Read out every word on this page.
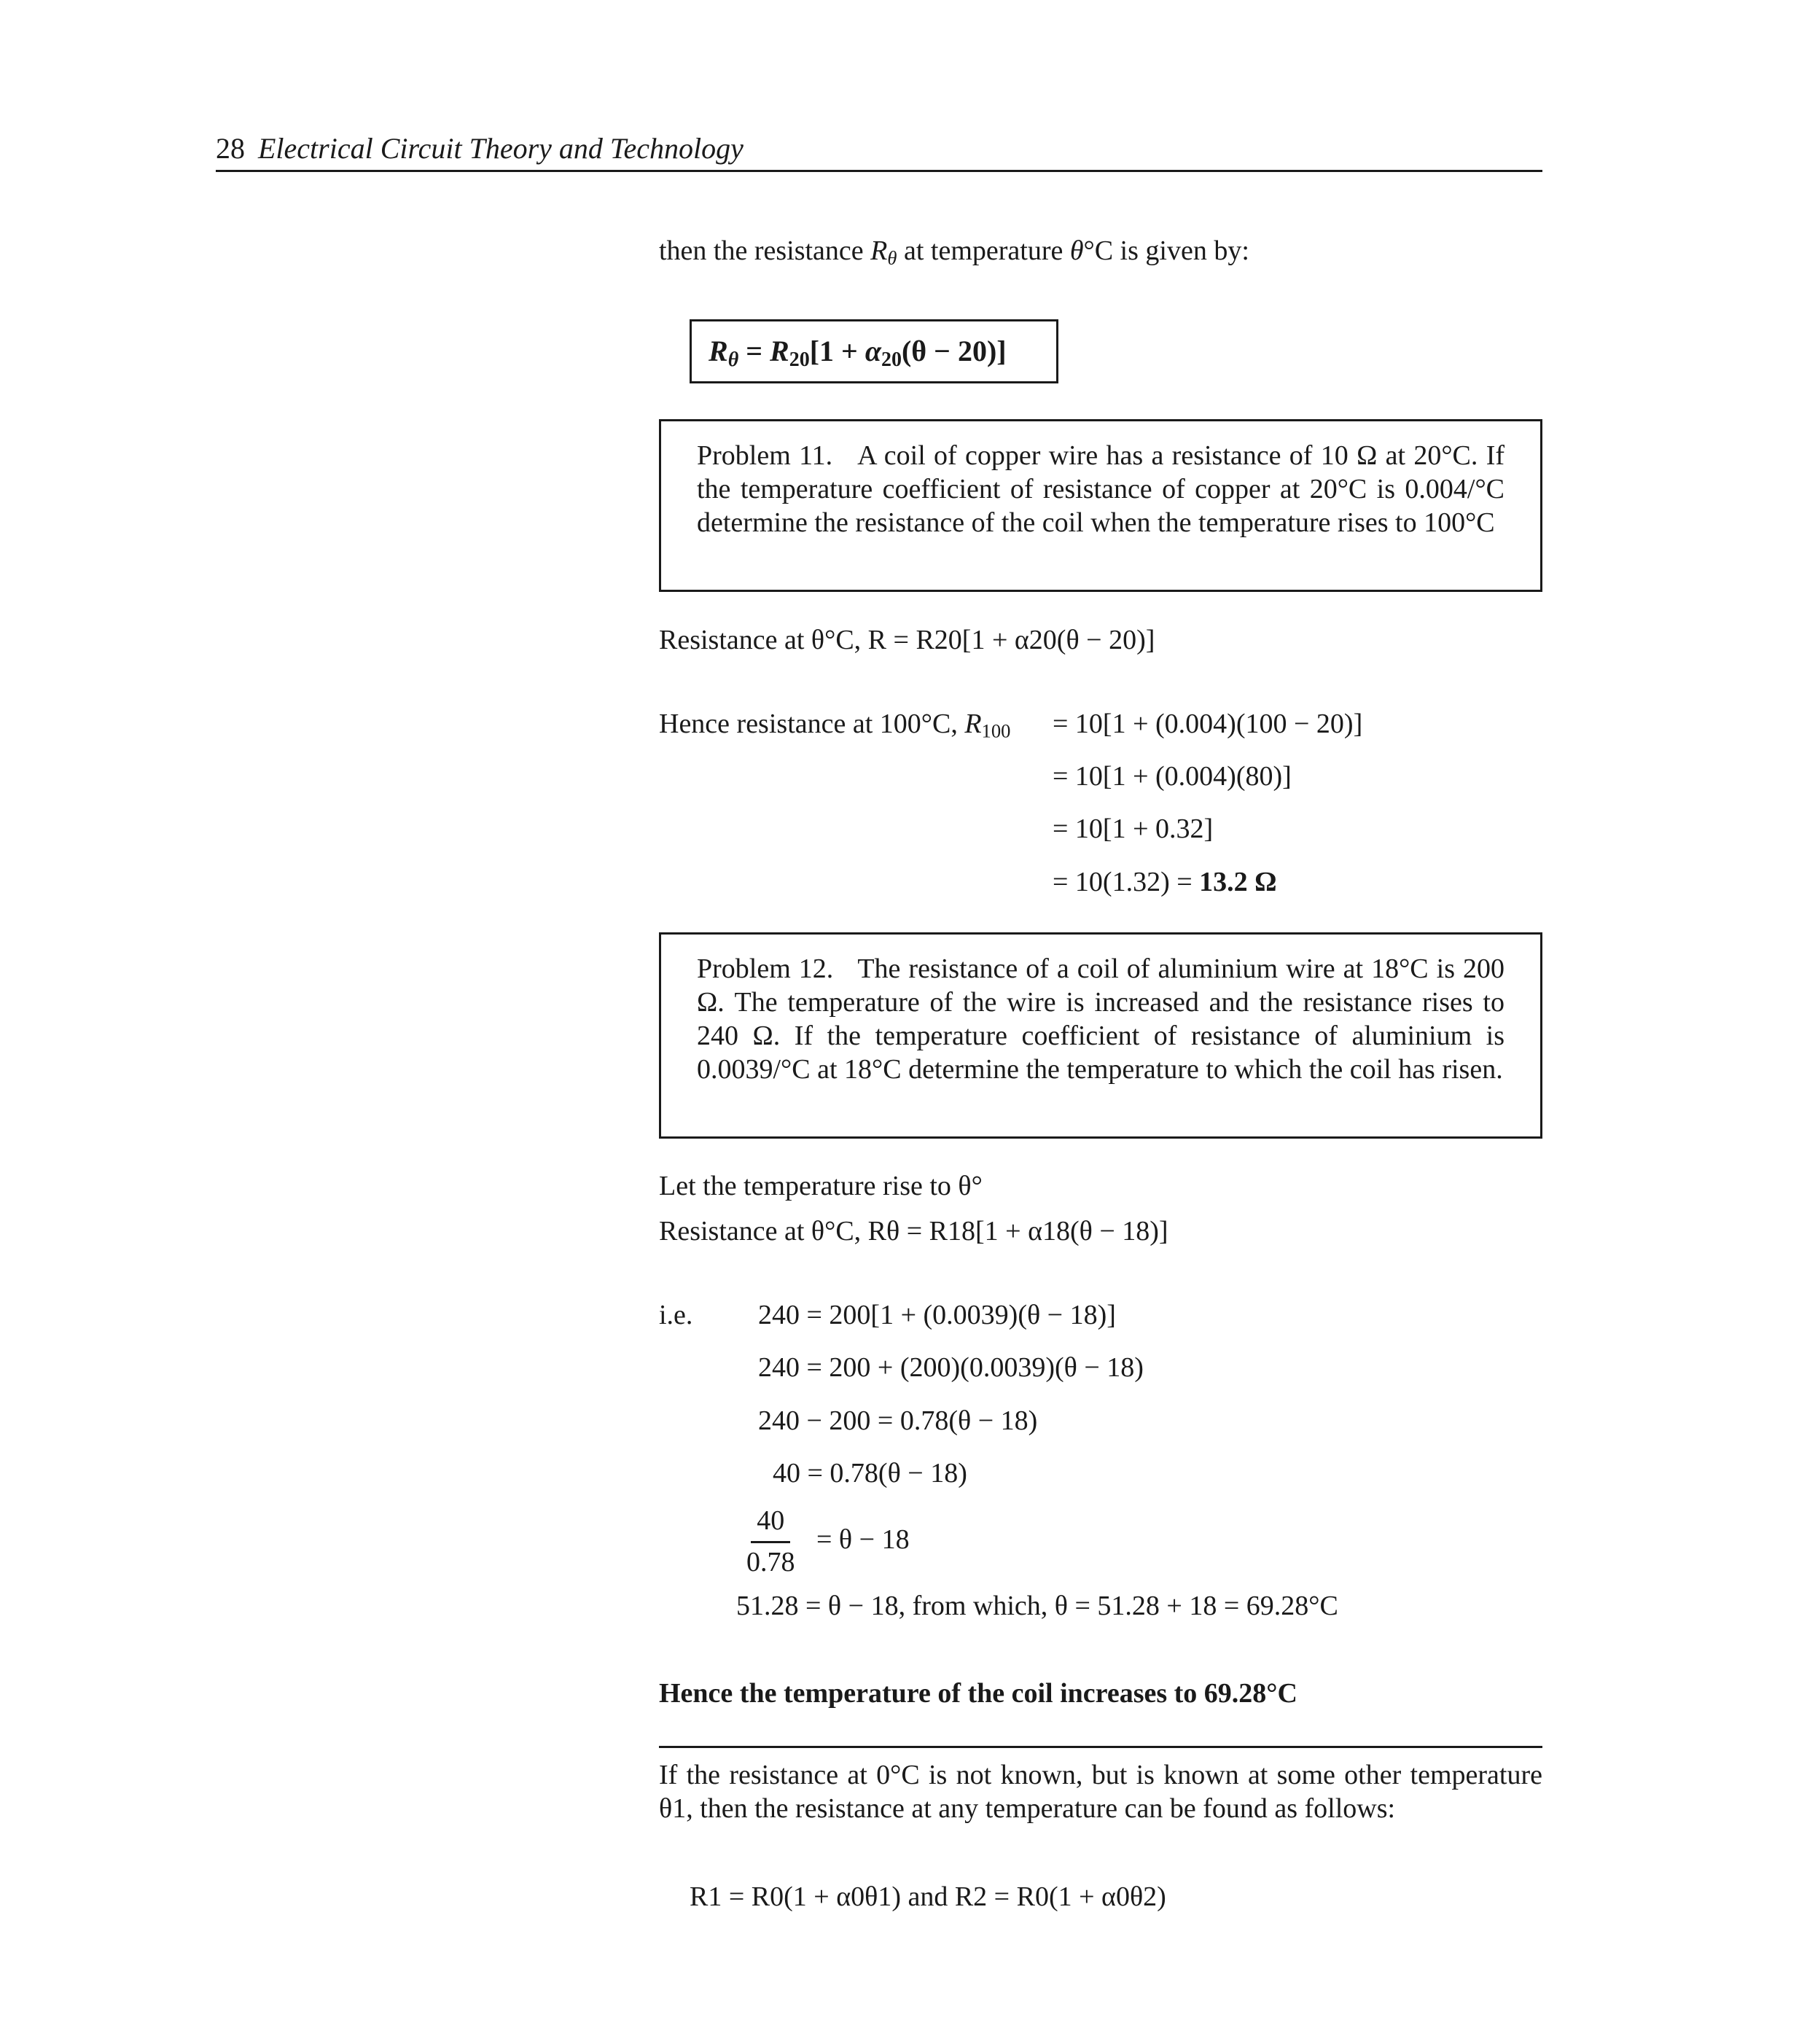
28 Electrical Circuit Theory and Technology
then the resistance $R_\theta$ at temperature θ°C is given by:
$R_\theta = R_{20}[1 + \alpha_{20}(\theta - 20)]$
Problem 11. A coil of copper wire has a resistance of 10 Ω at 20°C. If the temperature coefficient of resistance of copper at 20°C is 0.004/°C determine the resistance of the coil when the temperature rises to 100°C
Resistance at θ°C, R = R20[1 + α20(θ − 20)]
Hence resistance at 100°C, $R_{100} = 10[1 + (0.004)(100 - 20)]$
= 10[1 + (0.004)(80)]
= 10[1 + 0.32]
= 10(1.32) = 13.2 Ω
Problem 12. The resistance of a coil of aluminium wire at 18°C is 200 Ω. The temperature of the wire is increased and the resistance rises to 240 Ω. If the temperature coefficient of resistance of aluminium is 0.0039/°C at 18°C determine the temperature to which the coil has risen.
Let the temperature rise to θ°
Resistance at θ°C, Rθ = R18[1 + α18(θ − 18)]
i.e. 240 = 200[1 + (0.0039)(θ − 18)]
240 = 200 + (200)(0.0039)(θ − 18)
240 − 200 = 0.78(θ − 18)
40 = 0.78(θ − 18)
$\frac{40}{0.78} = \theta - 18$
51.28 = θ − 18, from which, θ = 51.28 + 18 = 69.28°C
Hence the temperature of the coil increases to 69.28°C
If the resistance at 0°C is not known, but is known at some other temperature θ1, then the resistance at any temperature can be found as follows:
R1 = R0(1 + α0θ1) and R2 = R0(1 + α0θ2)
